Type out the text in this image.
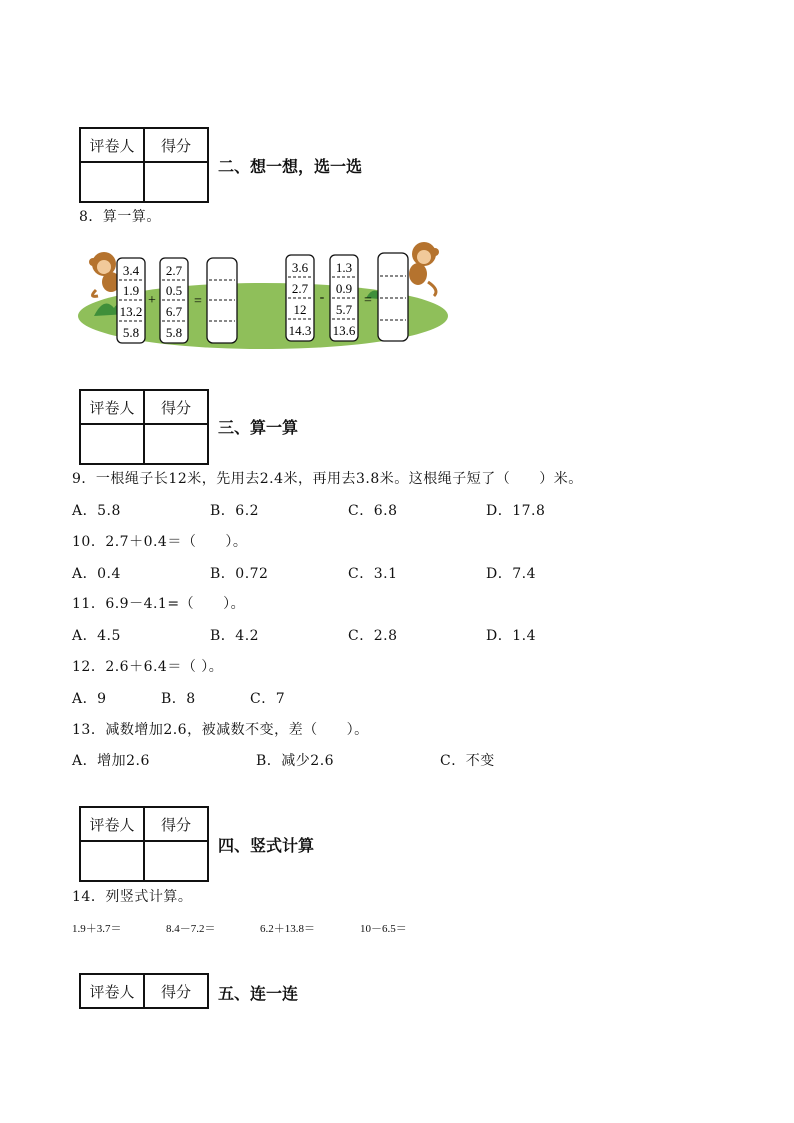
评卷人	得分

二、想一想，选一选
8．算一算。
3.4
1.9
13.2
5.8
+
2.7
0.5
6.7
5.8
=
3.6
2.7
12
14.3
-
1.3
0.9
5.7
13.6
=
评卷人	得分

三、算一算
9．一根绳子长12米，先用去2.4米，再用去3.8米。这根绳子短了（　　）米。
A．5.8	B．6.2	C．6.8	D．17.8
10．2.7＋0.4＝（　　）。
A．0.4	B．0.72	C．3.1	D．7.4
11．6.9－4.1=（　　）。
A．4.5	B．4.2	C．2.8	D．1.4
12．2.6＋6.4＝（ ）。
A．9	B．8	C．7
13．减数增加2.6，被减数不变，差（　　）。
A．增加2.6	B．减少2.6	C．不变
评卷人	得分

四、竖式计算
14．列竖式计算。
1.9＋3.7＝	8.4－7.2＝	6.2＋13.8＝	10－6.5＝
评卷人	得分 五、连一连
